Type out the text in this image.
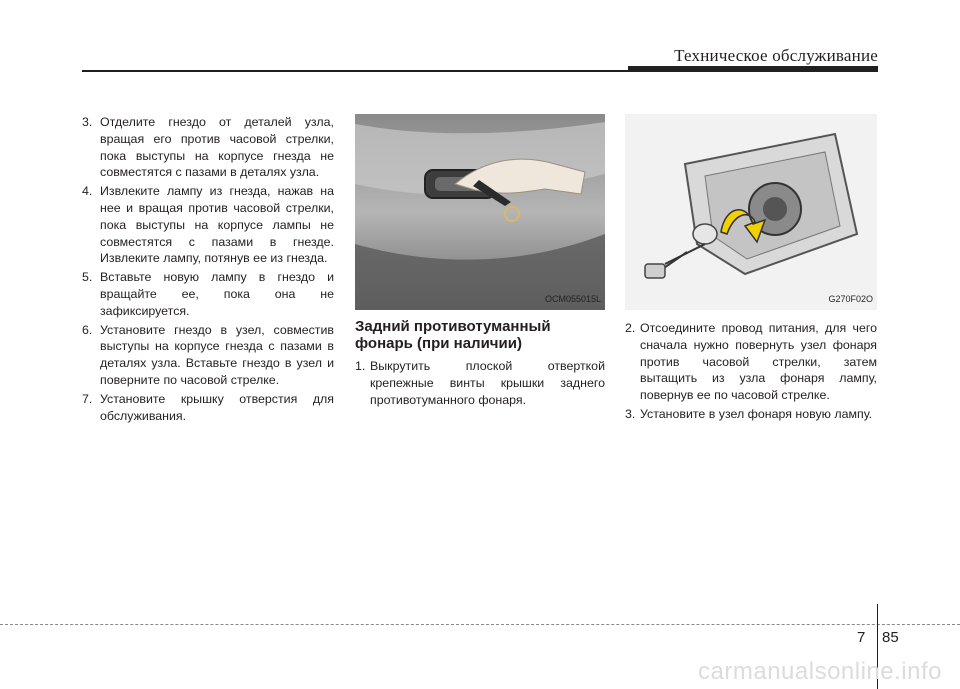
Техническое обслуживание
3. Отделите гнездо от деталей узла, вращая его против часовой стрелки, пока выступы на корпусе гнезда не совместятся с пазами в деталях узла.
4. Извлеките лампу из гнезда, нажав на нее и вращая против часовой стрелки, пока выступы на корпусе лампы не совместятся с пазами в гнезде. Извлеките лампу, потянув ее из гнезда.
5. Вставьте новую лампу в гнездо и вращайте ее, пока она не зафиксируется.
6. Установите гнездо в узел, совместив выступы на корпусе гнезда с пазами в деталях узла. Вставьте гнездо в узел и поверните по часовой стрелке.
7. Установите крышку отверстия для обслуживания.
OCM055015L
Задний противотуманный фонарь (при наличии)
1. Выкрутить плоской отверткой крепежные винты крышки заднего противотуманного фонаря.
G270F02O
2. Отсоедините провод питания, для чего сначала нужно повернуть узел фонаря против часовой стрелки, затем вытащить из узла фонаря лампу, повернув ее по часовой стрелке.
3. Установите в узел фонаря новую лампу.
7 85
carmanualsonline.info
